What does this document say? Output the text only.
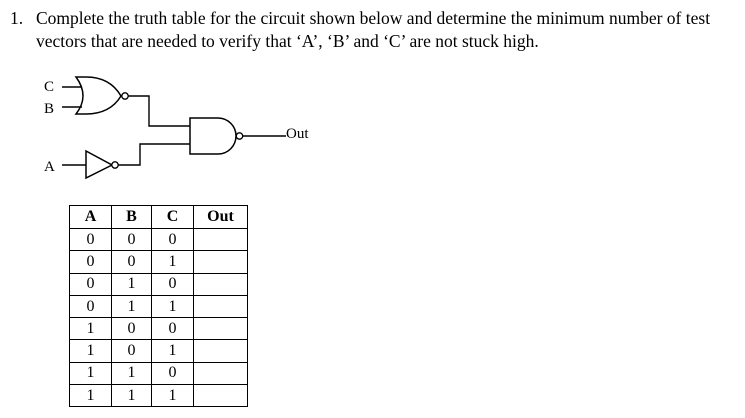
1. Complete the truth table for the circuit shown below and determine the minimum number of test vectors that are needed to verify that ‘A’, ‘B’ and ‘C’ are not stuck high.
C
B
A
Out
A	B	C	Out
0	0	0	
0	0	1	
0	1	0	
0	1	1	
1	0	0	
1	0	1	
1	1	0	
1	1	1	
